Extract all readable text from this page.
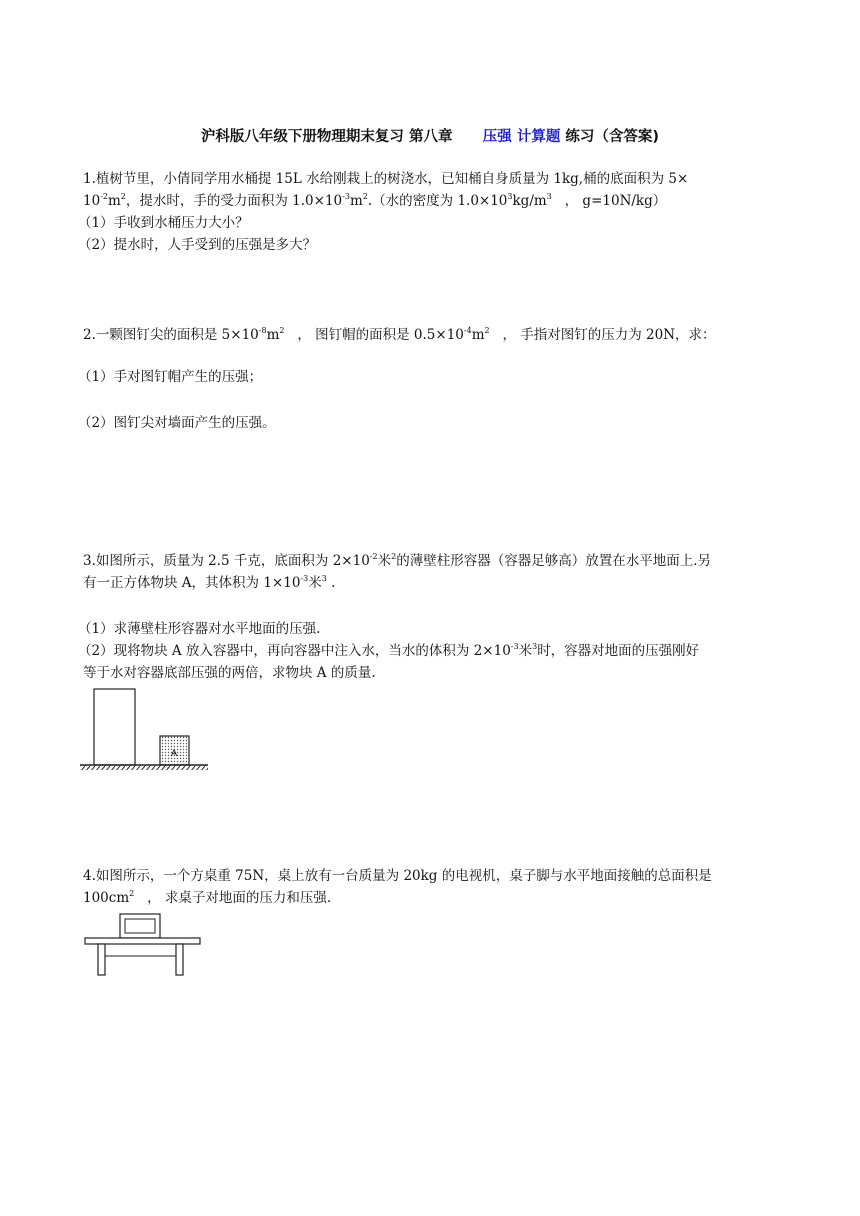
沪科版八年级下册物理期末复习 第八章 压强 计算题 练习（含答案)
1.植树节里，小倩同学用水桶提 15L 水给刚栽上的树浇水，已知桶自身质量为 1kg,桶的底面积为 5×
$10^{-2}m^2$，提水时，手的受力面积为 $1.0\times 10^{-3}m^2$.（水的密度为 $1.0\times 10^3kg/m^3$ ， g=10N/kg）
（1）手收到水桶压力大小？
（2）提水时，人手受到的压强是多大？
2.一颗图钉尖的面积是 $5\times 10^{-8}m^2$ ， 图钉帽的面积是 $0.5\times 10^{-4}m^2$ ， 手指对图钉的压力为 20N，求：
（1）手对图钉帽产生的压强；
（2）图钉尖对墙面产生的压强。
3.如图所示，质量为 2.5 千克，底面积为 $2\times 10^{-2}$米$^2$的薄壁柱形容器（容器足够高）放置在水平地面上.另
有一正方体物块 A，其体积为 $1\times 10^{-3}$米$^3$ .
（1）求薄壁柱形容器对水平地面的压强.
（2）现将物块 A 放入容器中，再向容器中注入水，当水的体积为 $2\times 10^{-3}$米$^3$时，容器对地面的压强刚好
等于水对容器底部压强的两倍，求物块 A 的质量.
A
4.如图所示，一个方桌重 75N，桌上放有一台质量为 20kg 的电视机，桌子脚与水平地面接触的总面积是
$100cm^2$ ， 求桌子对地面的压力和压强.
